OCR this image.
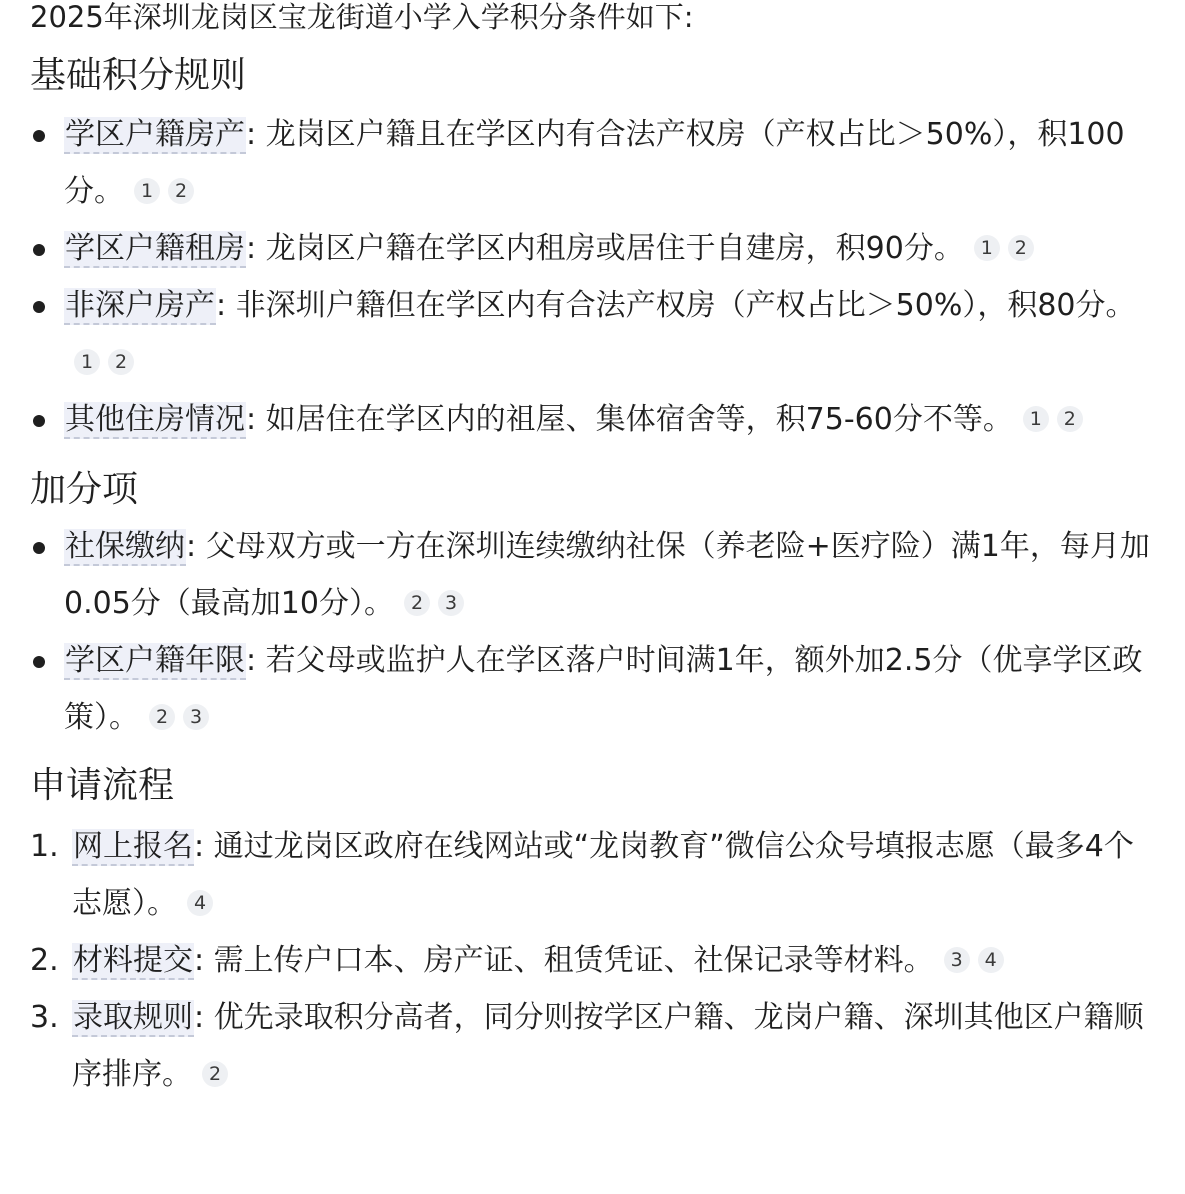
2025年深圳龙岗区宝龙街道小学入学积分条件如下:
基础积分规则
学区户籍房产: 龙岗区户籍且在学区内有合法产权房（产权占比＞50%），积100分。 1 2
学区户籍租房: 龙岗区户籍在学区内租房或居住于自建房，积90分。 1 2
非深户房产: 非深圳户籍但在学区内有合法产权房（产权占比＞50%），积80分。1 2
其他住房情况: 如居住在学区内的祖屋、集体宿舍等，积75-60分不等。 1 2
加分项
社保缴纳: 父母双方或一方在深圳连续缴纳社保（养老险+医疗险）满1年，每月加0.05分（最高加10分）。 2 3
学区户籍年限: 若父母或监护人在学区落户时间满1年，额外加2.5分（优享学区政策）。 2 3
申请流程
1. 网上报名: 通过龙岗区政府在线网站或“龙岗教育”微信公众号填报志愿（最多4个志愿）。 4
2. 材料提交: 需上传户口本、房产证、租赁凭证、社保记录等材料。 3 4
3. 录取规则: 优先录取积分高者，同分则按学区户籍、龙岗户籍、深圳其他区户籍顺序排序。 2
